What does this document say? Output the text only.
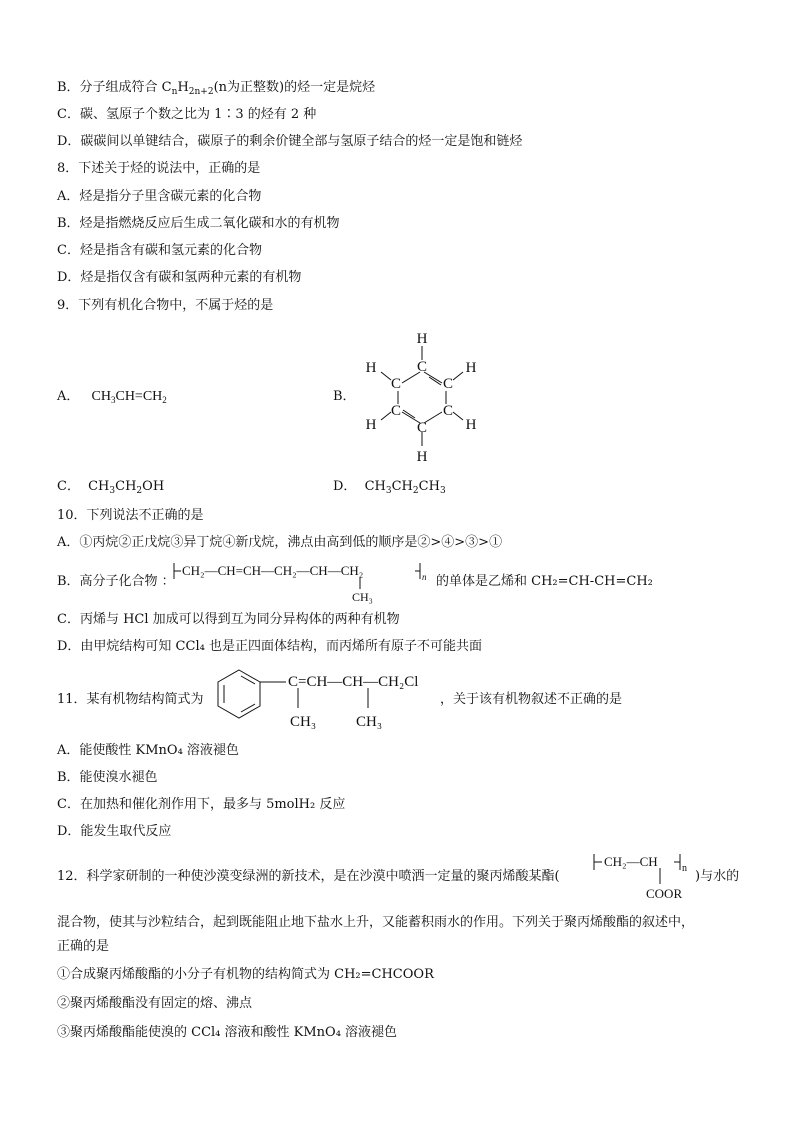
B．分子组成符合 $C_nH_{2n+2}(n$为正整数)的烃一定是烷烃
C．碳、氢原子个数之比为 1∶3 的烃有 2 种
D．碳碳间以单键结合，碳原子的剩余价键全部与氢原子结合的烃一定是饱和链烃
8．下述关于烃的说法中，正确的是
A．烃是指分子里含碳元素的化合物
B．烃是指燃烧反应后生成二氧化碳和水的有机物
C．烃是指含有碳和氢元素的化合物
D．烃是指仅含有碳和氢两种元素的有机物
9．下列有机化合物中，不属于烃的是
A． $CH_3CH=CH_2$	B．
H
C
H
C	C
H
C	C
H	H
C
H
C． $CH_3CH_2OH$	D． $CH_3CH_2CH_3$
10．下列说法不正确的是
A．①丙烷②正戊烷③异丁烷④新戊烷，沸点由高到低的顺序是②>④>③>①
B．高分子化合物 ：
CH₂—CH=CH—CH₂—CH—CH₂	n
CH₃
的单体是乙烯和 CH₂=CH-CH=CH₂
C．丙烯与 HCl 加成可以得到互为同分异构体的两种有机物
D．由甲烷结构可知 CCl₄ 也是正四面体结构，而丙烯所有原子不可能共面
11．某有机物结构简式为
C=CH—CH—CH₂Cl
CH₃	CH₃
，关于该有机物叙述不正确的是
A．能使酸性 KMnO₄ 溶液褪色
B．能使溴水褪色
C．在加热和催化剂作用下，最多与 5molH₂ 反应
D．能发生取代反应
12．科学家研制的一种使沙漠变绿洲的新技术，是在沙漠中喷洒一定量的聚丙烯酸某酯(
CH₂—CH n
COOR
)与水的
混合物，使其与沙粒结合，起到既能阻止地下盐水上升，又能蓄积雨水的作用。下列关于聚丙烯酸酯的叙述中，
正确的是
①合成聚丙烯酸酯的小分子有机物的结构简式为 CH₂=CHCOOR
②聚丙烯酸酯没有固定的熔、沸点
③聚丙烯酸酯能使溴的 CCl₄ 溶液和酸性 KMnO₄ 溶液褪色
